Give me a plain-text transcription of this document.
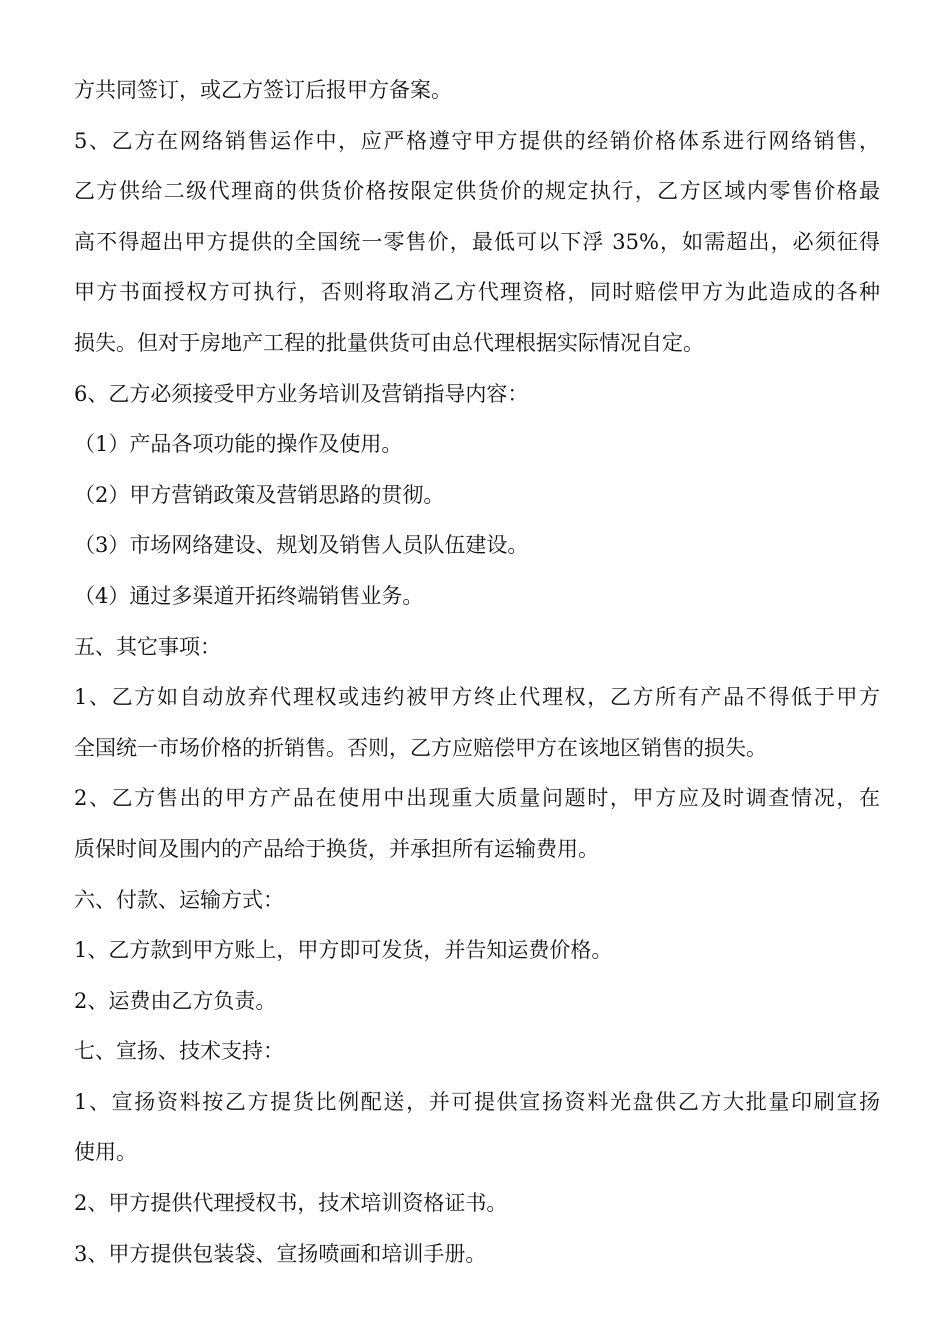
方共同签订，或乙方签订后报甲方备案。
5、乙方在网络销售运作中，应严格遵守甲方提供的经销价格体系进行网络销售，
乙方供给二级代理商的供货价格按限定供货价的规定执行，乙方区域内零售价格最
高不得超出甲方提供的全国统一零售价，最低可以下浮 35%，如需超出，必须征得
甲方书面授权方可执行，否则将取消乙方代理资格，同时赔偿甲方为此造成的各种
损失。但对于房地产工程的批量供货可由总代理根据实际情况自定。
6、乙方必须接受甲方业务培训及营销指导内容：
（1）产品各项功能的操作及使用。
（2）甲方营销政策及营销思路的贯彻。
（3）市场网络建设、规划及销售人员队伍建设。
（4）通过多渠道开拓终端销售业务。
五、其它事项：
1、乙方如自动放弃代理权或违约被甲方终止代理权，乙方所有产品不得低于甲方
全国统一市场价格的折销售。否则，乙方应赔偿甲方在该地区销售的损失。
2、乙方售出的甲方产品在使用中出现重大质量问题时，甲方应及时调查情况，在
质保时间及围内的产品给于换货，并承担所有运输费用。
六、付款、运输方式：
1、乙方款到甲方账上，甲方即可发货，并告知运费价格。
2、运费由乙方负责。
七、宣扬、技术支持：
1、宣扬资料按乙方提货比例配送，并可提供宣扬资料光盘供乙方大批量印刷宣扬
使用。
2、甲方提供代理授权书，技术培训资格证书。
3、甲方提供包装袋、宣扬喷画和培训手册。
